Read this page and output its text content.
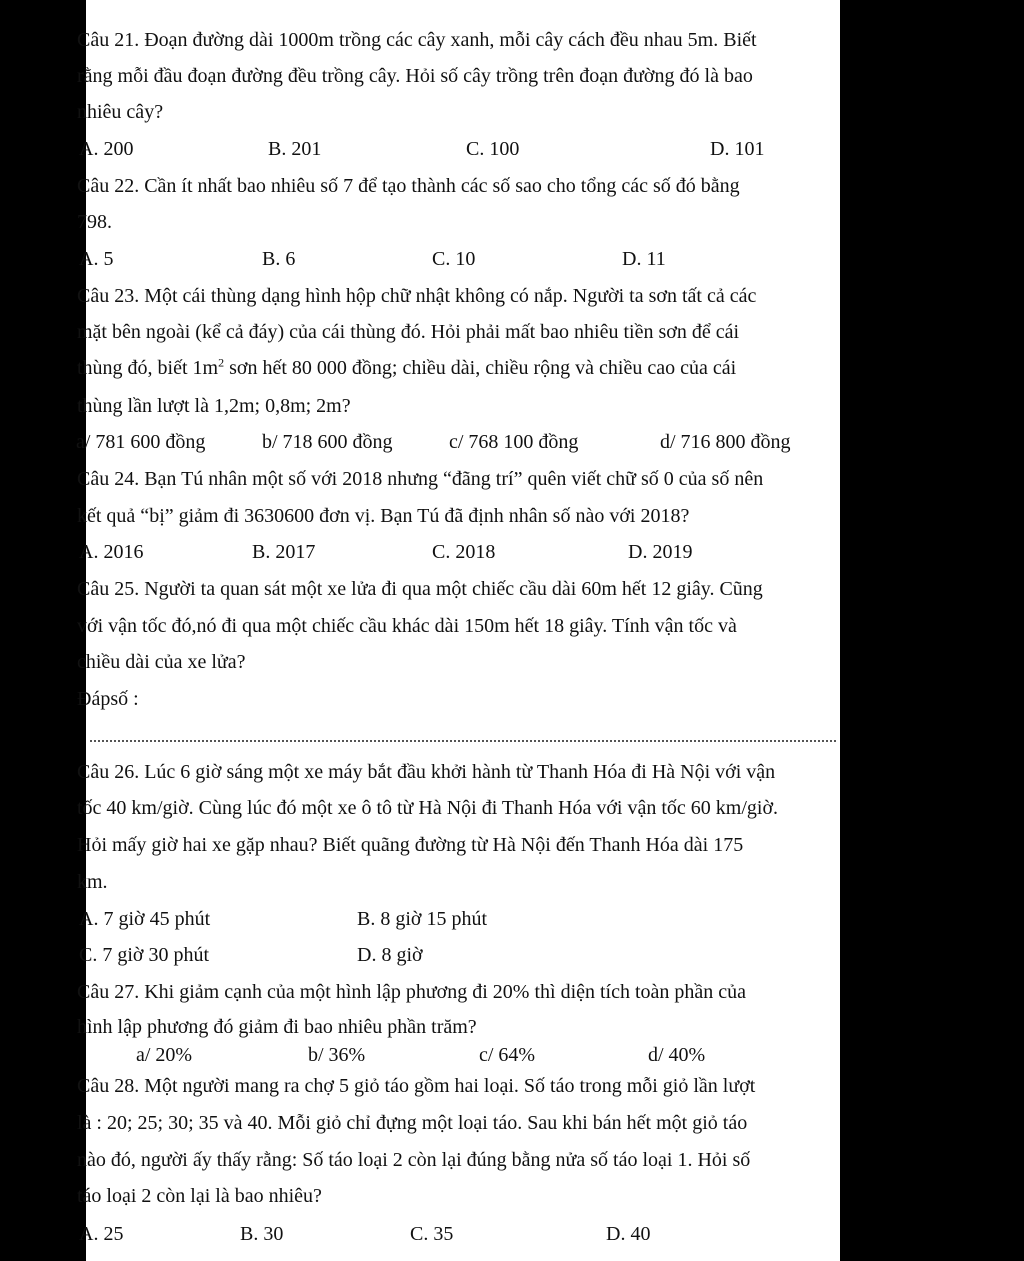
Câu 21. Đoạn đường dài 1000m trồng các cây xanh, mỗi cây cách đều nhau 5m. Biết
rằng mỗi đầu đoạn đường đều trồng cây. Hỏi số cây trồng trên đoạn đường đó là bao
nhiêu cây?
A. 200	B. 201	C. 100	D. 101
Câu 22. Cần ít nhất bao nhiêu số 7 để tạo thành các số sao cho tổng các số đó bằng
798.
A. 5	B. 6	C. 10	D. 11
Câu 23. Một cái thùng dạng hình hộp chữ nhật không có nắp. Người ta sơn tất cả các
mặt bên ngoài (kể cả đáy) của cái thùng đó. Hỏi phải mất bao nhiêu tiền sơn để cái
thùng đó, biết $1m^2$ sơn hết 80 000 đồng; chiều dài, chiều rộng và chiều cao của cái
thùng lần lượt là 1,2m; 0,8m; 2m?
a/ 781 600 đồng	b/ 718 600 đồng	c/ 768 100 đồng	d/ 716 800 đồng
Câu 24. Bạn Tú nhân một số với 2018 nhưng “đãng trí” quên viết chữ số 0 của số nên
kết quả “bị” giảm đi 3630600 đơn vị. Bạn Tú đã định nhân số nào với 2018?
A. 2016	B. 2017	C. 2018	D. 2019
Câu 25. Người ta quan sát một xe lửa đi qua một chiếc cầu dài 60m hết 12 giây. Cũng
với vận tốc đó,nó đi qua một chiếc cầu khác dài 150m hết 18 giây. Tính vận tốc và
chiều dài của xe lửa?
Đápsố :
Câu 26. Lúc 6 giờ sáng một xe máy bắt đầu khởi hành từ Thanh Hóa đi Hà Nội với vận
tốc 40 km/giờ. Cùng lúc đó một xe ô tô từ Hà Nội đi Thanh Hóa với vận tốc 60 km/giờ.
Hỏi mấy giờ hai xe gặp nhau? Biết quãng đường từ Hà Nội đến Thanh Hóa dài 175
km.
A. 7 giờ 45 phút	B. 8 giờ 15 phút
C. 7 giờ 30 phút	D. 8 giờ
Câu 27. Khi giảm cạnh của một hình lập phương đi 20% thì diện tích toàn phần của
hình lập phương đó giảm đi bao nhiêu phần trăm?
a/ 20%	b/ 36%	c/ 64%	d/ 40%
Câu 28. Một người mang ra chợ 5 giỏ táo gồm hai loại. Số táo trong mỗi giỏ lần lượt
là : 20; 25; 30; 35 và 40. Mỗi giỏ chỉ đựng một loại táo. Sau khi bán hết một giỏ táo
nào đó, người ấy thấy rằng: Số táo loại 2 còn lại đúng bằng nửa số táo loại 1. Hỏi số
táo loại 2 còn lại là bao nhiêu?
A. 25	B. 30	C. 35	D. 40
